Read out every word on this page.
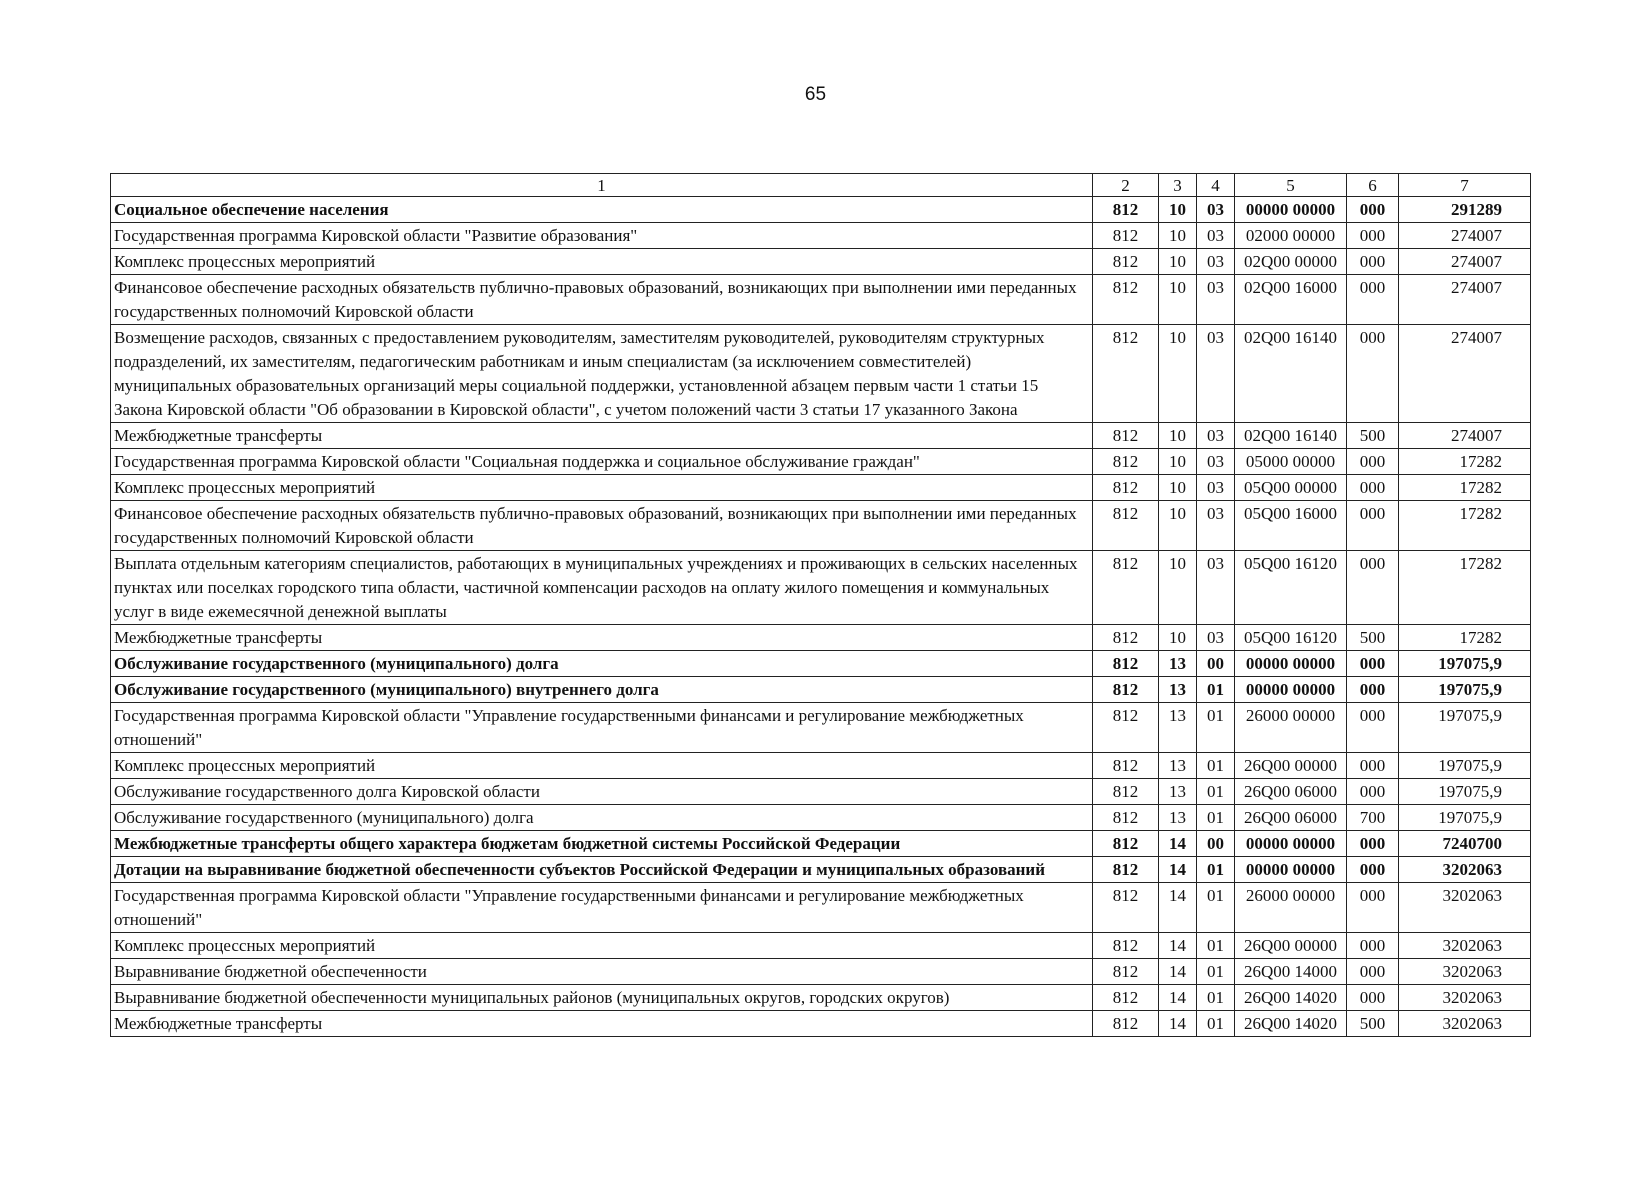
65
1	2	3	4	5	6	7
Социальное обеспечение населения	812	10	03	00000 00000	000	291289
Государственная программа Кировской области "Развитие образования"	812	10	03	02000 00000	000	274007
Комплекс процессных мероприятий	812	10	03	02Q00 00000	000	274007
Финансовое обеспечение расходных обязательств публично-правовых образований, возникающих при выполнении ими переданных государственных полномочий Кировской области	812	10	03	02Q00 16000	000	274007
Возмещение расходов, связанных с предоставлением руководителям, заместителям руководителей, руководителям структурных подразделений, их заместителям, педагогическим работникам и иным специалистам (за исключением совместителей) муниципальных образовательных организаций меры социальной поддержки, установленной абзацем первым части 1 статьи 15 Закона Кировской области "Об образовании в Кировской области", с учетом положений части 3 статьи 17 указанного Закона	812	10	03	02Q00 16140	000	274007
Межбюджетные трансферты	812	10	03	02Q00 16140	500	274007
Государственная программа Кировской области "Социальная поддержка и социальное обслуживание граждан"	812	10	03	05000 00000	000	17282
Комплекс процессных мероприятий	812	10	03	05Q00 00000	000	17282
Финансовое обеспечение расходных обязательств публично-правовых образований, возникающих при выполнении ими переданных государственных полномочий Кировской области	812	10	03	05Q00 16000	000	17282
Выплата отдельным категориям специалистов, работающих в муниципальных учреждениях и проживающих в сельских населенных пунктах или поселках городского типа области, частичной компенсации расходов на оплату жилого помещения и коммунальных услуг в виде ежемесячной денежной выплаты	812	10	03	05Q00 16120	000	17282
Межбюджетные трансферты	812	10	03	05Q00 16120	500	17282
Обслуживание государственного (муниципального) долга	812	13	00	00000 00000	000	197075,9
Обслуживание государственного (муниципального) внутреннего долга	812	13	01	00000 00000	000	197075,9
Государственная программа Кировской области "Управление государственными финансами и регулирование межбюджетных отношений"	812	13	01	26000 00000	000	197075,9
Комплекс процессных мероприятий	812	13	01	26Q00 00000	000	197075,9
Обслуживание государственного долга Кировской области	812	13	01	26Q00 06000	000	197075,9
Обслуживание государственного (муниципального) долга	812	13	01	26Q00 06000	700	197075,9
Межбюджетные трансферты общего характера бюджетам бюджетной системы Российской Федерации	812	14	00	00000 00000	000	7240700
Дотации на выравнивание бюджетной обеспеченности субъектов Российской Федерации и муниципальных образований	812	14	01	00000 00000	000	3202063
Государственная программа Кировской области "Управление государственными финансами и регулирование межбюджетных отношений"	812	14	01	26000 00000	000	3202063
Комплекс процессных мероприятий	812	14	01	26Q00 00000	000	3202063
Выравнивание бюджетной обеспеченности	812	14	01	26Q00 14000	000	3202063
Выравнивание бюджетной обеспеченности муниципальных районов (муниципальных округов, городских округов)	812	14	01	26Q00 14020	000	3202063
Межбюджетные трансферты	812	14	01	26Q00 14020	500	3202063
